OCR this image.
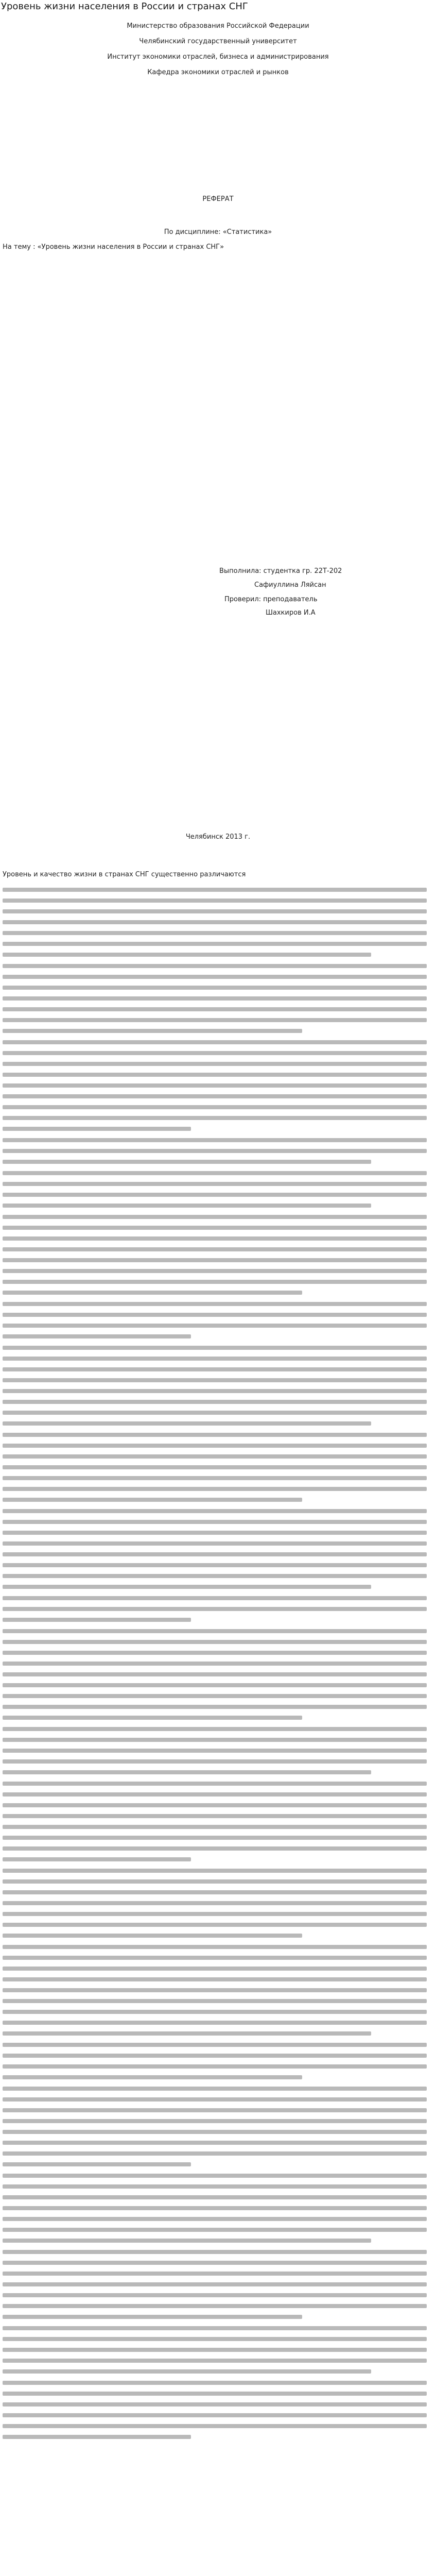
Уровень жизни населения в России и странах СНГ
Министерство образования Российской Федерации
Челябинский государственный университет
Институт экономики отраслей, бизнеса и администрирования
Кафедра экономики отраслей и рынков
РЕФЕРАТ
По дисциплине: «Статистика»
На тему : «Уровень жизни населения в России и странах СНГ»
Выполнила: студентка гр. 22Т-202
Сафиуллина Ляйсан
Проверил: преподаватель
Шахкиров И.А
Челябинск 2013 г.
Уровень и качество жизни в странах СНГ существенно различаются
